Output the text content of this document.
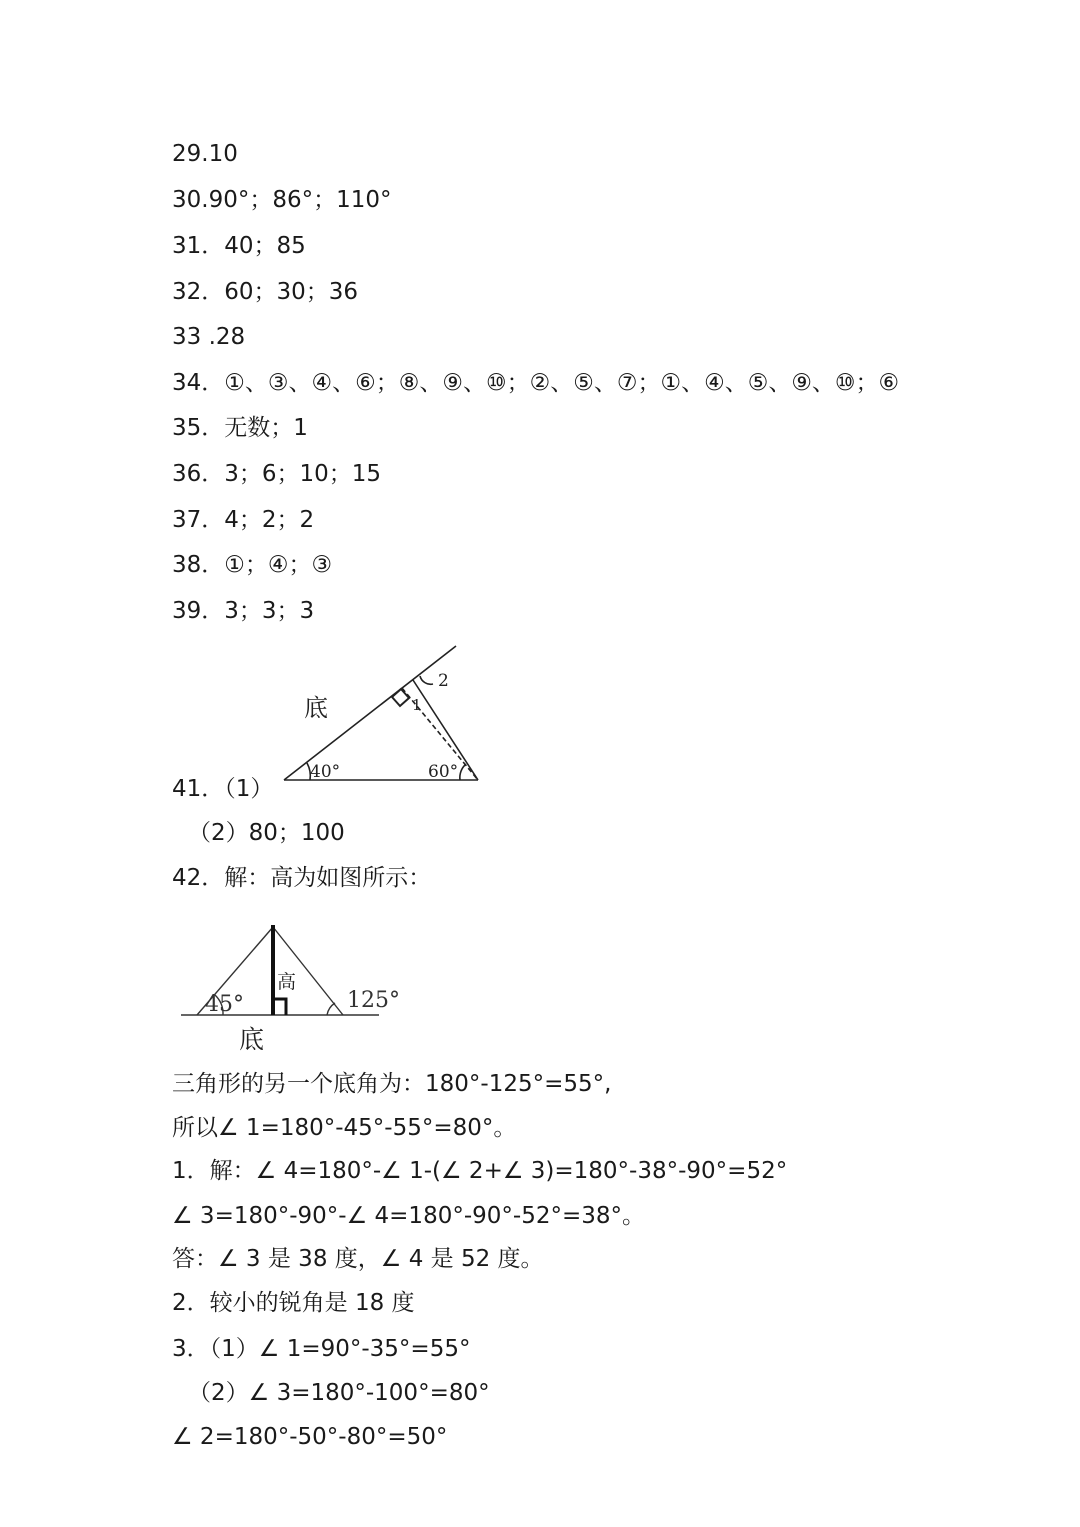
29.10
30.90°；86°；110°
31．40；85
32．60；30；36
33 .28
34．①、③、④、⑥；⑧、⑨、⑩；②、⑤、⑦；①、④、⑤、⑨、⑩；⑥
35．无数；1
36．3；6；10；15
37．4；2；2
38．①；④；③
39．3；3；3
底
40°	60°
1
2
41．（1）
（2）80；100
42．解：高为如图所示：
高
45°	125°
底
三角形的另一个底角为：180°-125°=55°,
所以∠ 1=180°-45°-55°=80°。
1．解：∠ 4=180°-∠ 1-(∠ 2+∠ 3)=180°-38°-90°=52°
∠ 3=180°-90°-∠ 4=180°-90°-52°=38°。
答：∠ 3 是 38 度，∠ 4 是 52 度。
2．较小的锐角是 18 度
3．（1）∠ 1=90°-35°=55°
（2）∠ 3=180°-100°=80°
∠ 2=180°-50°-80°=50°
